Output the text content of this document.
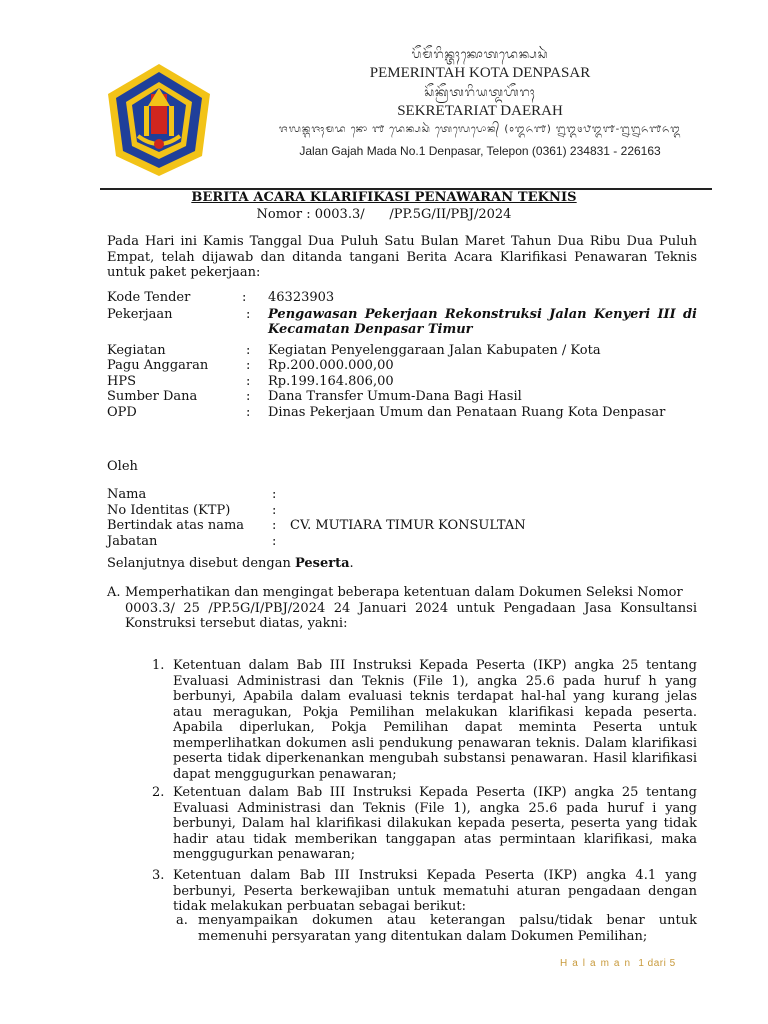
ᬧᭂᬫᭂᬭᬶᬦ᭄ᬢᬄᬓᭀᬢᬤᬾᬦ᭄ᬧᬲᬃ
PEMERINTAH KOTA DENPASAR
ᬲᭂᬓ᭄ᬭᭂᬢᬭᬶᬬᬢ᭄ᬤᬳᭂᬭᬄ
SEKRETARIAT DAERAH
ᬚᬮᬦ᭄ᬕᬚᬄᬫᬤ ᬦᭀ ᭑ ᬤᬾᬦ᭄ᬧᬲᬃ ᬢᬾᬮᬾᬧᭀᬦ᭄ (᭐᭓᭖᭑) ᭒᭓᭔᭘᭓᭑-᭒᭒᭖᭑᭖᭓
Jalan Gajah Mada No.1 Denpasar, Telepon (0361) 234831 - 226163
BERITA ACARA KLARIFIKASI PENAWARAN TEKNIS
Nomor : 0003.3/      /PP.5G/II/PBJ/2024
Pada Hari ini Kamis Tanggal Dua Puluh Satu Bulan Maret Tahun Dua Ribu Dua Puluh Empat, telah dijawab dan ditanda tangani Berita Acara Klarifikasi Penawaran Teknis untuk paket pekerjaan:
Kode Tender	:	46323903
Pekerjaan	:	Pengawasan Pekerjaan Rekonstruksi Jalan Kenyeri III di Kecamatan Denpasar Timur
Kegiatan	:	Kegiatan Penyelenggaraan Jalan Kabupaten / Kota
Pagu Anggaran	:	Rp.200.000.000,00
HPS	:	Rp.199.164.806,00
Sumber Dana	:	Dana Transfer Umum-Dana Bagi Hasil
OPD	:	Dinas Pekerjaan Umum dan Penataan Ruang Kota Denpasar
Oleh
Nama	:
No Identitas (KTP)	:
Bertindak atas nama	:	CV. MUTIARA TIMUR KONSULTAN
Jabatan	:
Selanjutnya disebut dengan Peserta.
A. Memperhatikan dan mengingat beberapa ketentuan dalam Dokumen Seleksi Nomor
0003.3/ 25 /PP.5G/I/PBJ/2024 24 Januari 2024 untuk Pengadaan Jasa Konsultansi Konstruksi tersebut diatas, yakni:
1. Ketentuan dalam Bab III Instruksi Kepada Peserta (IKP) angka 25 tentang Evaluasi Administrasi dan Teknis (File 1), angka 25.6 pada huruf h yang berbunyi, Apabila dalam evaluasi teknis terdapat hal-hal yang kurang jelas atau meragukan, Pokja Pemilihan melakukan klarifikasi kepada peserta. Apabila diperlukan, Pokja Pemilihan dapat meminta Peserta untuk memperlihatkan dokumen asli pendukung penawaran teknis. Dalam klarifikasi peserta tidak diperkenankan mengubah substansi penawaran. Hasil klarifikasi dapat menggugurkan penawaran;
2. Ketentuan dalam Bab III Instruksi Kepada Peserta (IKP) angka 25 tentang Evaluasi Administrasi dan Teknis (File 1), angka 25.6 pada huruf i yang berbunyi, Dalam hal klarifikasi dilakukan kepada peserta, peserta yang tidak hadir atau tidak memberikan tanggapan atas permintaan klarifikasi, maka menggugurkan penawaran;
3. Ketentuan dalam Bab III Instruksi Kepada Peserta (IKP) angka 4.1 yang berbunyi, Peserta berkewajiban untuk mematuhi aturan pengadaan dengan tidak melakukan perbuatan sebagai berikut:
a. menyampaikan dokumen atau keterangan palsu/tidak benar untuk memenuhi persyaratan yang ditentukan dalam Dokumen Pemilihan;
Halaman 1 dari 5
